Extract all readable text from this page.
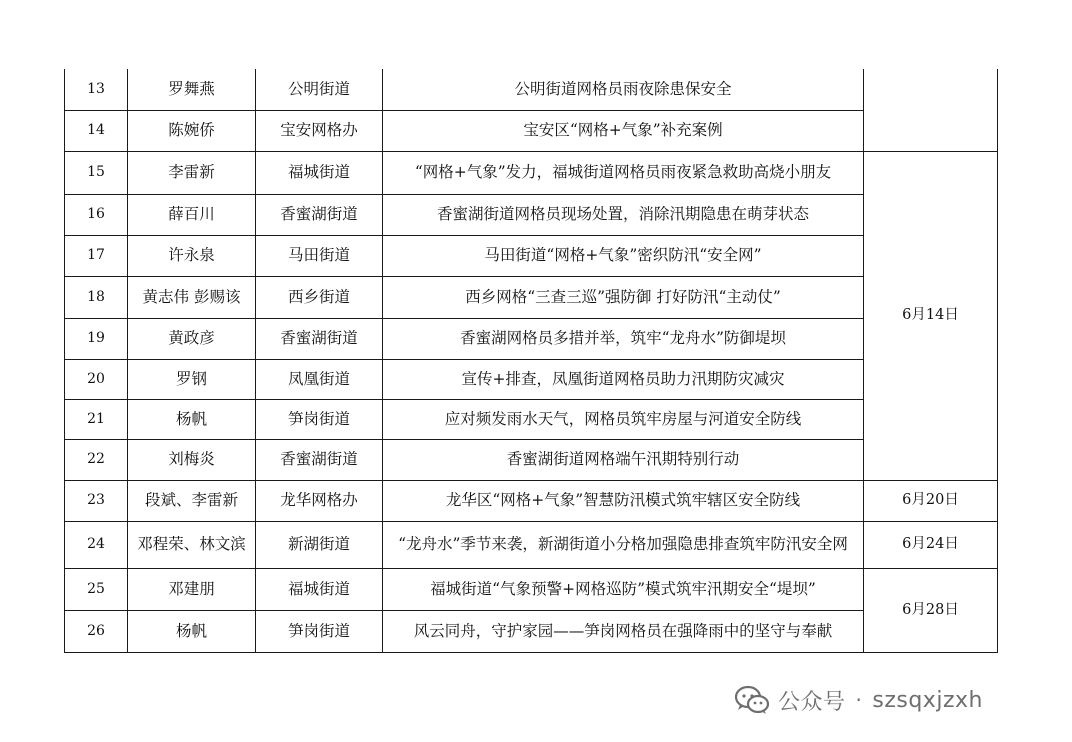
13	罗舞燕	公明街道	公明街道网格员雨夜除患保安全	
14	陈婉侨	宝安网格办	宝安区“网格+气象”补充案例	
15	李雷新	福城街道	“网格+气象”发力，福城街道网格员雨夜紧急救助高烧小朋友	6月14日
16	薛百川	香蜜湖街道	香蜜湖街道网格员现场处置，消除汛期隐患在萌芽状态	
17	许永泉	马田街道	马田街道“网格+气象”密织防汛“安全网”	
18	黄志伟 彭赐该	西乡街道	西乡网格“三查三巡”强防御 打好防汛“主动仗”	
19	黄政彦	香蜜湖街道	香蜜湖网格员多措并举，筑牢“龙舟水”防御堤坝	
20	罗钢	凤凰街道	宣传+排查，凤凰街道网格员助力汛期防灾减灾	
21	杨帆	笋岗街道	应对频发雨水天气，网格员筑牢房屋与河道安全防线	
22	刘梅炎	香蜜湖街道	香蜜湖街道网格端午汛期特别行动	
23	段斌、李雷新	龙华网格办	龙华区“网格+气象”智慧防汛模式筑牢辖区安全防线	6月20日
24	邓程荣、林文滨	新湖街道	“龙舟水”季节来袭，新湖街道小分格加强隐患排查筑牢防汛安全网	6月24日
25	邓建朋	福城街道	福城街道“气象预警+网格巡防”模式筑牢汛期安全“堤坝”	6月28日
26	杨帆	笋岗街道	风云同舟，守护家园——笋岗网格员在强降雨中的坚守与奉献	
公众号 · szsqxjzxh
